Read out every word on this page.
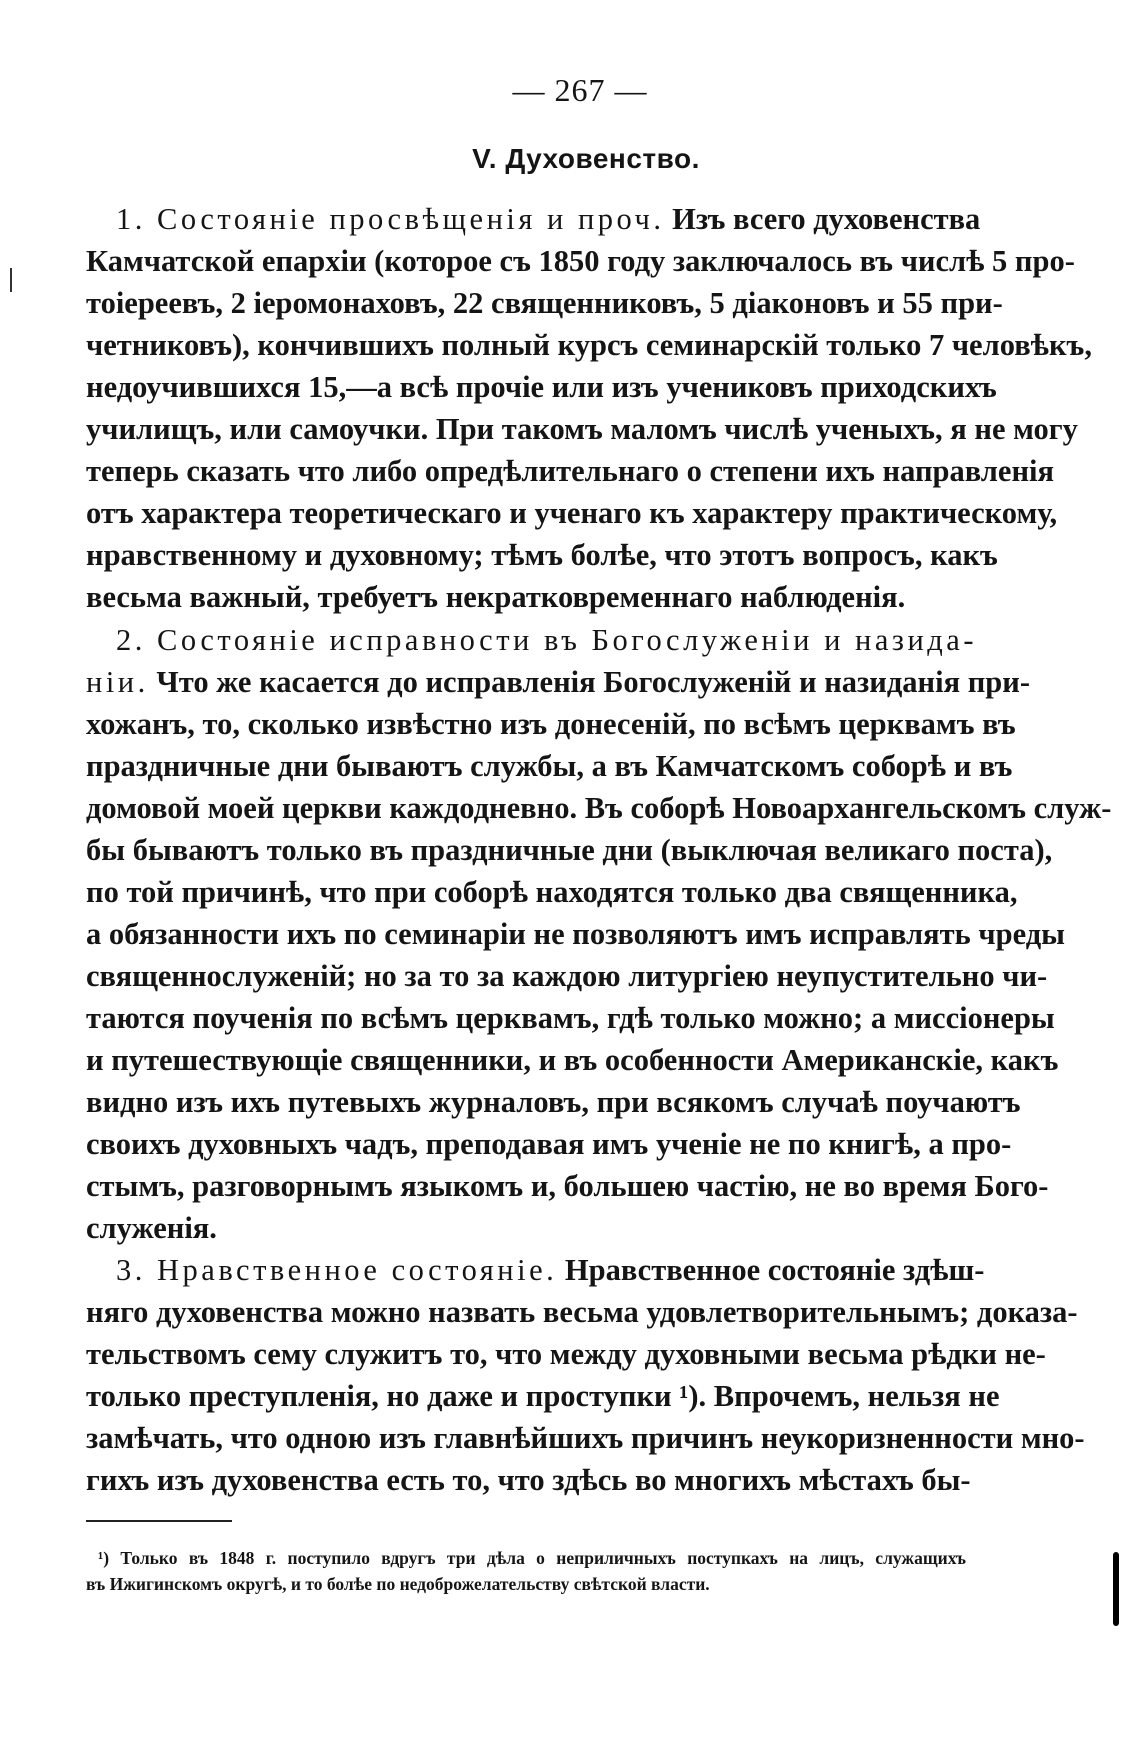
— 267 —
V. Духовенство.
1. Состояніе просвѣщенія и проч. Изъ всего духовенства
Камчатской епархіи (которое съ 1850 году заключалось въ числѣ 5 про-
тоіереевъ, 2 іеромонаховъ, 22 священниковъ, 5 діаконовъ и 55 при-
четниковъ), кончившихъ полный курсъ семинарскій только 7 человѣкъ,
недоучившихся 15,—а всѣ прочіе или изъ учениковъ приходскихъ
училищъ, или самоучки. При такомъ маломъ числѣ ученыхъ, я не могу
теперь сказать что либо опредѣлительнаго о степени ихъ направленія
отъ характера теоретическаго и ученаго къ характеру практическому,
нравственному и духовному; тѣмъ болѣе, что этотъ вопросъ, какъ
весьма важный, требуетъ некратковременнаго наблюденія.
2. Состояніе исправности въ Богослуженіи и назида-
ніи. Что же касается до исправленія Богослуженій и назиданія при-
хожанъ, то, сколько извѣстно изъ донесеній, по всѣмъ церквамъ въ
праздничные дни бываютъ службы, а въ Камчатскомъ соборѣ и въ
домовой моей церкви каждодневно. Въ соборѣ Новоархангельскомъ служ-
бы бываютъ только въ праздничные дни (выключая великаго поста),
по той причинѣ, что при соборѣ находятся только два священника,
а обязанности ихъ по семинаріи не позволяютъ имъ исправлять чреды
священнослуженій; но за то за каждою литургіею неупустительно чи-
таются поученія по всѣмъ церквамъ, гдѣ только можно; а миссіонеры
и путешествующіе священники, и въ особенности Американскіе, какъ
видно изъ ихъ путевыхъ журналовъ, при всякомъ случаѣ поучаютъ
своихъ духовныхъ чадъ, преподавая имъ ученіе не по книгѣ, а про-
стымъ, разговорнымъ языкомъ и, большею частію, не во время Бого-
служенія.
3. Нравственное состояніе. Нравственное состояніе здѣш-
няго духовенства можно назвать весьма удовлетворительнымъ; доказа-
тельствомъ сему служитъ то, что между духовными весьма рѣдки не-
только преступленія, но даже и проступки ¹). Впрочемъ, нельзя не
замѣчать, что одною изъ главнѣйшихъ причинъ неукоризненности мно-
гихъ изъ духовенства есть то, что здѣсь во многихъ мѣстахъ бы-
¹) Только въ 1848 г. поступило вдругъ три дѣла о неприличныхъ поступкахъ на лицъ, служащихъ
въ Ижигинскомъ округѣ, и то болѣе по недоброжелательству свѣтской власти.
